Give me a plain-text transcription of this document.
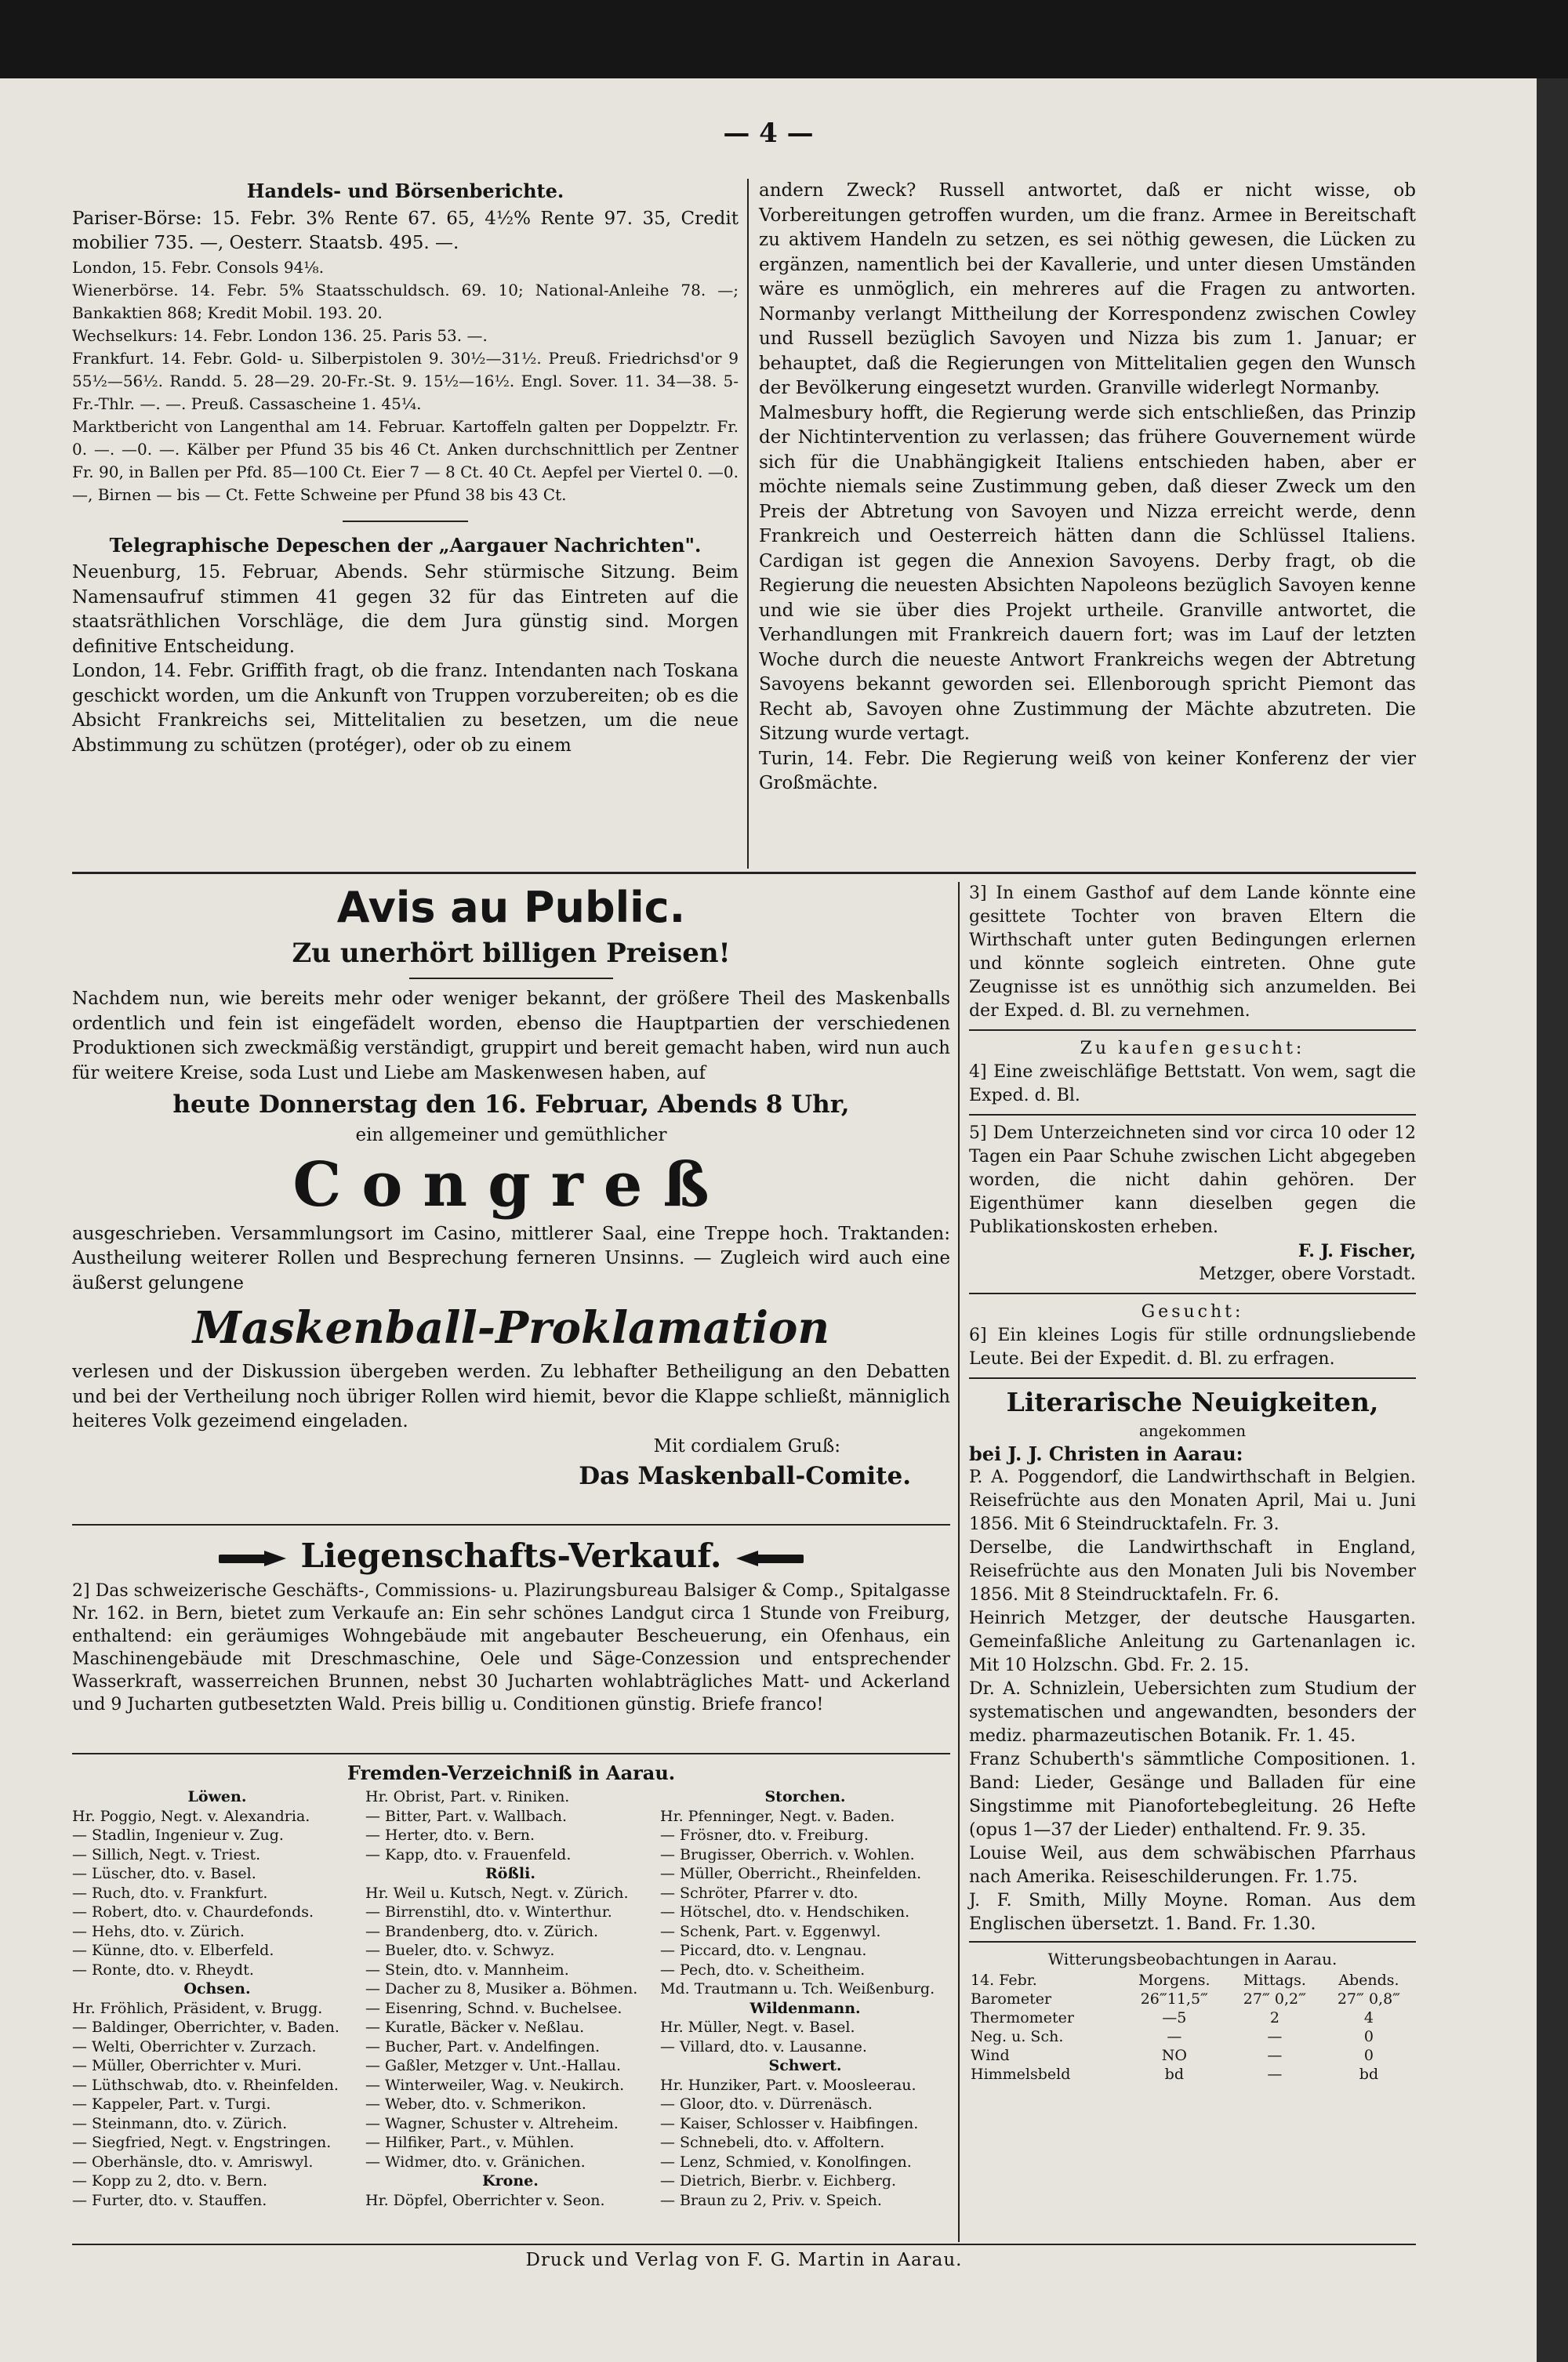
— 4 —

Handels- und Börsenberichte.

Pariser-Börse: 15. Febr. 3% Rente 67. 65, 4½% Rente 97. 35, Credit mobilier 735. —, Oesterr. Staatsb. 495. —.

London, 15. Febr. Consols 94⅛.

Wienerbörse. 14. Febr. 5% Staatsschuldsch. 69. 10; National-Anleihe 78. —; Bankaktien 868; Kredit Mobil. 193. 20.

Wechselkurs: 14. Febr. London 136. 25. Paris 53. —.

Frankfurt. 14. Febr. Gold- u. Silberpistolen 9. 30½—31½. Preuß. Friedrichsd'or 9 55½—56½. Randd. 5. 28—29. 20-Fr.-St. 9. 15½—16½. Engl. Sover. 11. 34—38. 5-Fr.-Thlr. —. —. Preuß. Cassascheine 1. 45¼.

Marktbericht von Langenthal am 14. Februar. Kartoffeln galten per Doppelztr. Fr. 0. —. —0. —. Kälber per Pfund 35 bis 46 Ct. Anken durchschnittlich per Zentner Fr. 90, in Ballen per Pfd. 85—100 Ct. Eier 7 — 8 Ct. 40 Ct. Aepfel per Viertel 0. —0. —, Birnen — bis — Ct. Fette Schweine per Pfund 38 bis 43 Ct.

Telegraphische Depeschen der „Aargauer Nachrichten".

Neuenburg, 15. Februar, Abends. Sehr stürmische Sitzung. Beim Namensaufruf stimmen 41 gegen 32 für das Eintreten auf die staatsräthlichen Vorschläge, die dem Jura günstig sind. Morgen definitive Entscheidung.

London, 14. Febr. Griffith fragt, ob die franz. Intendanten nach Toskana geschickt worden, um die Ankunft von Truppen vorzubereiten; ob es die Absicht Frankreichs sei, Mittelitalien zu besetzen, um die neue Abstimmung zu schützen (protéger), oder ob zu einem

andern Zweck? Russell antwortet, daß er nicht wisse, ob Vorbereitungen getroffen wurden, um die franz. Armee in Bereitschaft zu aktivem Handeln zu setzen, es sei nöthig gewesen, die Lücken zu ergänzen, namentlich bei der Kavallerie, und unter diesen Umständen wäre es unmöglich, ein mehreres auf die Fragen zu antworten. Normanby verlangt Mittheilung der Korrespondenz zwischen Cowley und Russell bezüglich Savoyen und Nizza bis zum 1. Januar; er behauptet, daß die Regierungen von Mittelitalien gegen den Wunsch der Bevölkerung eingesetzt wurden. Granville widerlegt Normanby.

Malmesbury hofft, die Regierung werde sich entschließen, das Prinzip der Nichtintervention zu verlassen; das frühere Gouvernement würde sich für die Unabhängigkeit Italiens entschieden haben, aber er möchte niemals seine Zustimmung geben, daß dieser Zweck um den Preis der Abtretung von Savoyen und Nizza erreicht werde, denn Frankreich und Oesterreich hätten dann die Schlüssel Italiens. Cardigan ist gegen die Annexion Savoyens. Derby fragt, ob die Regierung die neuesten Absichten Napoleons bezüglich Savoyen kenne und wie sie über dies Projekt urtheile. Granville antwortet, die Verhandlungen mit Frankreich dauern fort; was im Lauf der letzten Woche durch die neueste Antwort Frankreichs wegen der Abtretung Savoyens bekannt geworden sei. Ellenborough spricht Piemont das Recht ab, Savoyen ohne Zustimmung der Mächte abzutreten. Die Sitzung wurde vertagt.

Turin, 14. Febr. Die Regierung weiß von keiner Konferenz der vier Großmächte.

Avis au Public.
Zu unerhört billigen Preisen!

Nachdem nun, wie bereits mehr oder weniger bekannt, der größere Theil des Maskenballs ordentlich und fein ist eingefädelt worden, ebenso die Hauptpartien der verschiedenen Produktionen sich zweckmäßig verständigt, gruppirt und bereit gemacht haben, wird nun auch für weitere Kreise, soda Lust und Liebe am Maskenwesen haben, auf

heute Donnerstag den 16. Februar, Abends 8 Uhr,
ein allgemeiner und gemüthlicher
Congreß

ausgeschrieben. Versammlungsort im Casino, mittlerer Saal, eine Treppe hoch. Traktanden: Austheilung weiterer Rollen und Besprechung ferneren Unsinns. — Zugleich wird auch eine äußerst gelungene

Maskenball-Proklamation

verlesen und der Diskussion übergeben werden. Zu lebhafter Betheiligung an den Debatten und bei der Vertheilung noch übriger Rollen wird hiemit, bevor die Klappe schließt, männiglich heiteres Volk gezeimend eingeladen.

Mit cordialem Gruß:
Das Maskenball-Comite.
Liegenschafts-Verkauf.

2] Das schweizerische Geschäfts-, Commissions- u. Plazirungsbureau Balsiger & Comp., Spitalgasse Nr. 162. in Bern, bietet zum Verkaufe an: Ein sehr schönes Landgut circa 1 Stunde von Freiburg, enthaltend: ein geräumiges Wohngebäude mit angebauter Bescheuerung, ein Ofenhaus, ein Maschinengebäude mit Dreschmaschine, Oele und Säge-Conzession und entsprechender Wasserkraft, wasserreichen Brunnen, nebst 30 Jucharten wohlabträgliches Matt- und Ackerland und 9 Jucharten gutbesetzten Wald. Preis billig u. Conditionen günstig. Briefe franco!

Fremden-Verzeichniß in Aarau.
Löwen.
Hr. Poggio, Negt. v. Alexandria.
— Stadlin, Ingenieur v. Zug.
— Sillich, Negt. v. Triest.
— Lüscher, dto. v. Basel.
— Ruch, dto. v. Frankfurt.
— Robert, dto. v. Chaurdefonds.
— Hehs, dto. v. Zürich.
— Künne, dto. v. Elberfeld.
— Ronte, dto. v. Rheydt.
Ochsen.
Hr. Fröhlich, Präsident, v. Brugg.
— Baldinger, Oberrichter, v. Baden.
— Welti, Oberrichter v. Zurzach.
— Müller, Oberrichter v. Muri.
— Lüthschwab, dto. v. Rheinfelden.
— Kappeler, Part. v. Turgi.
— Steinmann, dto. v. Zürich.
— Siegfried, Negt. v. Engstringen.
— Oberhänsle, dto. v. Amriswyl.
— Kopp zu 2, dto. v. Bern.
— Furter, dto. v. Stauffen.
Hr. Obrist, Part. v. Riniken.
— Bitter, Part. v. Wallbach.
— Herter, dto. v. Bern.
— Kapp, dto. v. Frauenfeld.
Rößli.
Hr. Weil u. Kutsch, Negt. v. Zürich.
— Birrenstihl, dto. v. Winterthur.
— Brandenberg, dto. v. Zürich.
— Bueler, dto. v. Schwyz.
— Stein, dto. v. Mannheim.
— Dacher zu 8, Musiker a. Böhmen.
— Eisenring, Schnd. v. Buchelsee.
— Kuratle, Bäcker v. Neßlau.
— Bucher, Part. v. Andelfingen.
— Gaßler, Metzger v. Unt.-Hallau.
— Winterweiler, Wag. v. Neukirch.
— Weber, dto. v. Schmerikon.
— Wagner, Schuster v. Altreheim.
— Hilfiker, Part., v. Mühlen.
— Widmer, dto. v. Gränichen.
Krone.
Hr. Döpfel, Oberrichter v. Seon.
Storchen.
Hr. Pfenninger, Negt. v. Baden.
— Frösner, dto. v. Freiburg.
— Brugisser, Oberrich. v. Wohlen.
— Müller, Oberricht., Rheinfelden.
— Schröter, Pfarrer v. dto.
— Hötschel, dto. v. Hendschiken.
— Schenk, Part. v. Eggenwyl.
— Piccard, dto. v. Lengnau.
— Pech, dto. v. Scheitheim.
Md. Trautmann u. Tch. Weißenburg.
Wildenmann.
Hr. Müller, Negt. v. Basel.
— Villard, dto. v. Lausanne.
Schwert.
Hr. Hunziker, Part. v. Moosleerau.
— Gloor, dto. v. Dürrenäsch.
— Kaiser, Schlosser v. Haibfingen.
— Schnebeli, dto. v. Affoltern.
— Lenz, Schmied, v. Konolfingen.
— Dietrich, Bierbr. v. Eichberg.
— Braun zu 2, Priv. v. Speich.

3] In einem Gasthof auf dem Lande könnte eine gesittete Tochter von braven Eltern die Wirthschaft unter guten Bedingungen erlernen und könnte sogleich eintreten. Ohne gute Zeugnisse ist es unnöthig sich anzumelden. Bei der Exped. d. Bl. zu vernehmen.

Zu kaufen gesucht:

4] Eine zweischläfige Bettstatt. Von wem, sagt die Exped. d. Bl.

5] Dem Unterzeichneten sind vor circa 10 oder 12 Tagen ein Paar Schuhe zwischen Licht abgegeben worden, die nicht dahin gehören. Der Eigenthümer kann dieselben gegen die Publikationskosten erheben.

F. J. Fischer,
Metzger, obere Vorstadt.
Gesucht:

6] Ein kleines Logis für stille ordnungsliebende Leute. Bei der Expedit. d. Bl. zu erfragen.

Literarische Neuigkeiten,
angekommen
bei J. J. Christen in Aarau:

P. A. Poggendorf, die Landwirthschaft in Belgien. Reisefrüchte aus den Monaten April, Mai u. Juni 1856. Mit 6 Steindrucktafeln. Fr. 3.

Derselbe, die Landwirthschaft in England, Reisefrüchte aus den Monaten Juli bis November 1856. Mit 8 Steindrucktafeln. Fr. 6.

Heinrich Metzger, der deutsche Hausgarten. Gemeinfaßliche Anleitung zu Gartenanlagen ic. Mit 10 Holzschn. Gbd. Fr. 2. 15.

Dr. A. Schnizlein, Uebersichten zum Studium der systematischen und angewandten, besonders der mediz. pharmazeutischen Botanik. Fr. 1. 45.

Franz Schuberth's sämmtliche Compositionen. 1. Band: Lieder, Gesänge und Balladen für eine Singstimme mit Pianofortebegleitung. 26 Hefte (opus 1—37 der Lieder) enthaltend. Fr. 9. 35.

Louise Weil, aus dem schwäbischen Pfarrhaus nach Amerika. Reiseschilderungen. Fr. 1.75.

J. F. Smith, Milly Moyne. Roman. Aus dem Englischen übersetzt. 1. Band. Fr. 1.30.

Witterungsbeobachtungen in Aarau.
14. Febr.	Morgens.	Mittags.	Abends.
Barometer	26‴11,5‴	27‴ 0,2‴	27‴ 0,8‴
Thermometer	—5	2	4
Neg. u. Sch.	—	—	0
Wind	NO	—	0
Himmelsbeld	bd	—	bd
Druck und Verlag von F. G. Martin in Aarau.
